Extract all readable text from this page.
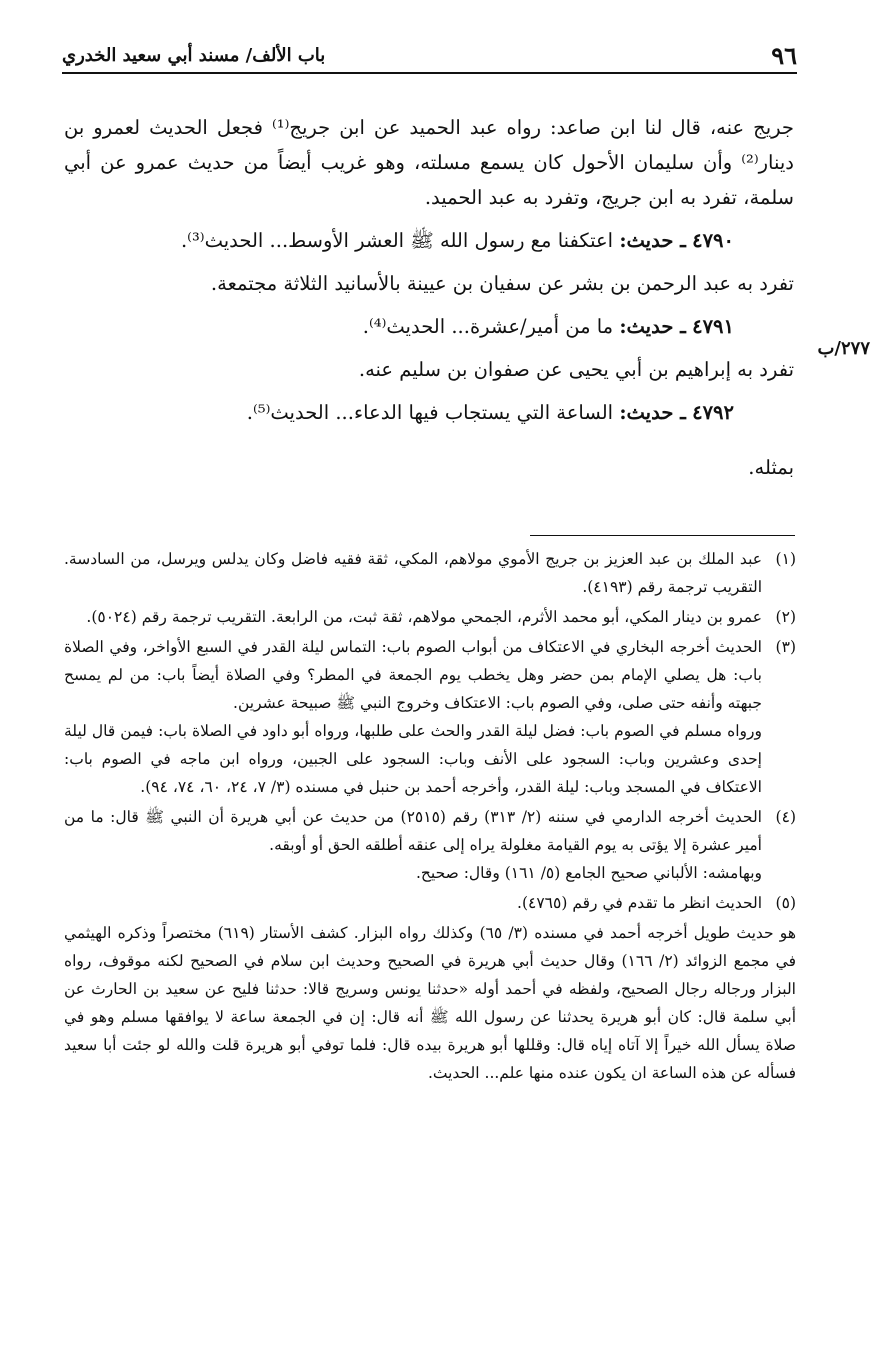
٩٦
باب الألف/ مسند أبي سعيد الخدري
٢٧٧/ب

جريج عنه، قال لنا ابن صاعد: رواه عبد الحميد عن ابن جريج⁽¹⁾ فجعل الحديث لعمرو بن دينار⁽²⁾ وأن سليمان الأحول كان يسمع مسلته، وهو غريب أيضاً من حديث عمرو عن أبي سلمة، تفرد به ابن جريج، وتفرد به عبد الحميد.

٤٧٩٠ ـ حديث: اعتكفنا مع رسول الله ﷺ العشر الأوسط... الحديث⁽³⁾.

تفرد به عبد الرحمن بن بشر عن سفيان بن عيينة بالأسانيد الثلاثة مجتمعة.

٤٧٩١ ـ حديث: ما من أمير/عشرة... الحديث⁽⁴⁾.

تفرد به إبراهيم بن أبي يحيى عن صفوان بن سليم عنه.

٤٧٩٢ ـ حديث: الساعة التي يستجاب فيها الدعاء... الحديث⁽⁵⁾.

بمثله.

(١)

عبد الملك بن عبد العزيز بن جريج الأموي مولاهم، المكي، ثقة فقيه فاضل وكان يدلس ويرسل، من السادسة. التقريب ترجمة رقم (٤١٩٣).

(٢)

عمرو بن دينار المكي، أبو محمد الأثرم، الجمحي مولاهم، ثقة ثبت، من الرابعة. التقريب ترجمة رقم (٥٠٢٤).

(٣)

الحديث أخرجه البخاري في الاعتكاف من أبواب الصوم باب: التماس ليلة القدر في السبع الأواخر، وفي الصلاة باب: هل يصلي الإمام بمن حضر وهل يخطب يوم الجمعة في المطر؟ وفي الصلاة أيضاً باب: من لم يمسح جبهته وأنفه حتى صلى، وفي الصوم باب: الاعتكاف وخروج النبي ﷺ صبيحة عشرين.

ورواه مسلم في الصوم باب: فضل ليلة القدر والحث على طلبها، ورواه أبو داود في الصلاة باب: فيمن قال ليلة إحدى وعشرين وباب: السجود على الأنف وباب: السجود على الجبين، ورواه ابن ماجه في الصوم باب: الاعتكاف في المسجد وباب: ليلة القدر، وأخرجه أحمد بن حنبل في مسنده (٣/ ٧، ٢٤، ٦٠، ٧٤، ٩٤).

(٤)

الحديث أخرجه الدارمي في سننه (٢/ ٣١٣) رقم (٢٥١٥) من حديث عن أبي هريرة أن النبي ﷺ قال: ما من أمير عشرة إلا يؤتى به يوم القيامة مغلولة يراه إلى عنقه أطلقه الحق أو أوبقه.

وبهامشه: الألباني صحيح الجامع (٥/ ١٦١) وقال: صحيح.

(٥)

الحديث انظر ما تقدم في رقم (٤٧٦٥).

هو حديث طويل أخرجه أحمد في مسنده (٣/ ٦٥) وكذلك رواه البزار. كشف الأستار (٦١٩) مختصراً وذكره الهيثمي في مجمع الزوائد (٢/ ١٦٦) وقال حديث أبي هريرة في الصحيح وحديث ابن سلام في الصحيح لكنه موقوف، رواه البزار ورجاله رجال الصحيح، ولفظه في أحمد أوله «حدثنا يونس وسريج قالا: حدثنا فليح عن سعيد بن الحارث عن أبي سلمة قال: كان أبو هريرة يحدثنا عن رسول الله ﷺ أنه قال: إن في الجمعة ساعة لا يوافقها مسلم وهو في صلاة يسأل الله خيراً إلا آتاه إياه قال: وقللها أبو هريرة بيده قال: فلما توفي أبو هريرة قلت والله لو جئت أبا سعيد فسأله عن هذه الساعة ان يكون عنده منها علم... الحديث.
